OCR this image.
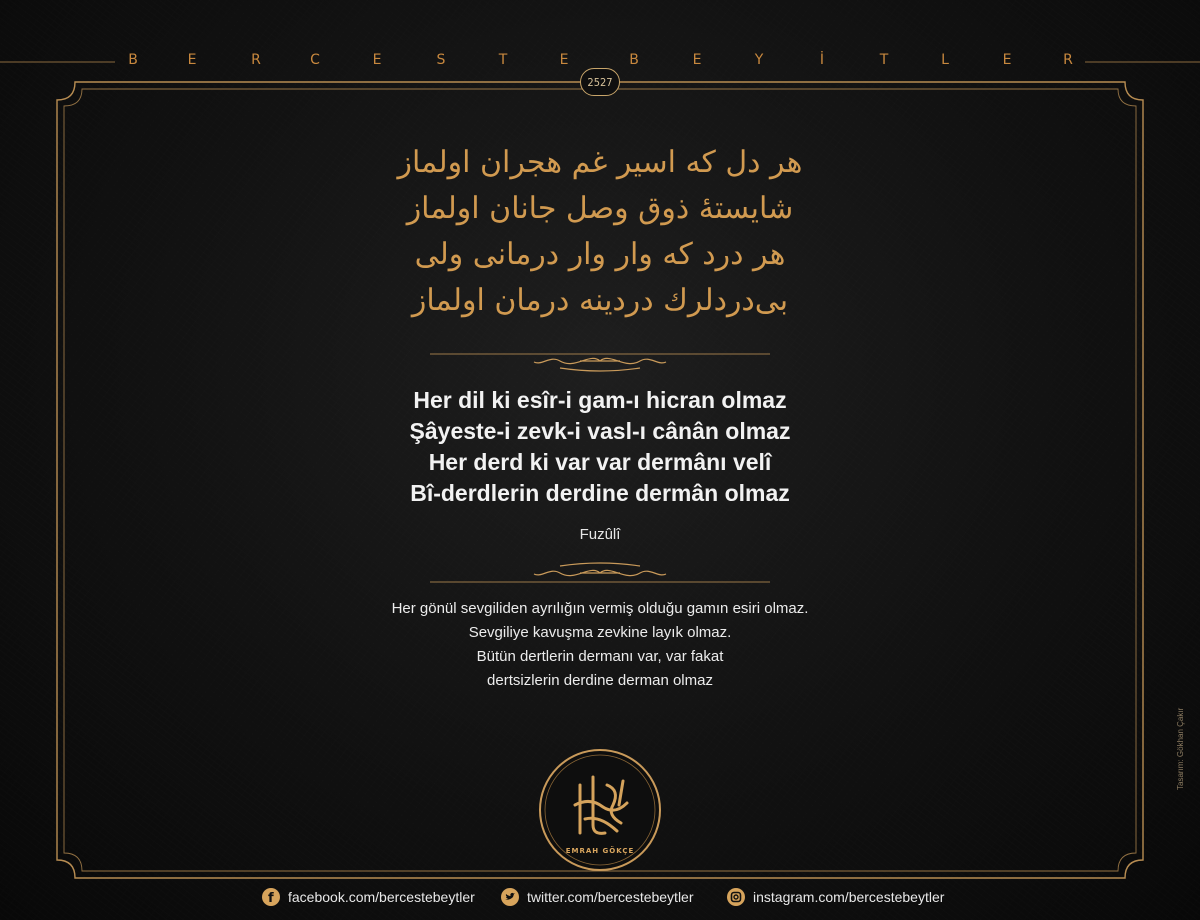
B	E	R	C	E	S	T	E	B	E	Y	İ	T	L	E	R
2527
هر دل كه اسير غم هجران اولماز
شايستهٔ ذوق وصل جانان اولماز
هر درد كه وار وار درمانى ولى
بى‌دردلرك دردينه درمان اولماز
Her dil ki esîr-i gam-ı hicran olmaz
Şâyeste-i zevk-i vasl-ı cânân olmaz
Her derd ki var var dermânı velî
Bî-derdlerin derdine dermân olmaz
Fuzûlî
Her gönül sevgiliden ayrılığın vermiş olduğu gamın esiri olmaz.
Sevgiliye kavuşma zevkine layık olmaz.
Bütün dertlerin dermanı var, var fakat
dertsizlerin derdine derman olmaz
EMRAH GÖKÇE
f facebook.com/bercestebeytler	twitter.com/bercestebeytler	instagram.com/bercestebeytler
Tasarım: Gökhan Çakır
